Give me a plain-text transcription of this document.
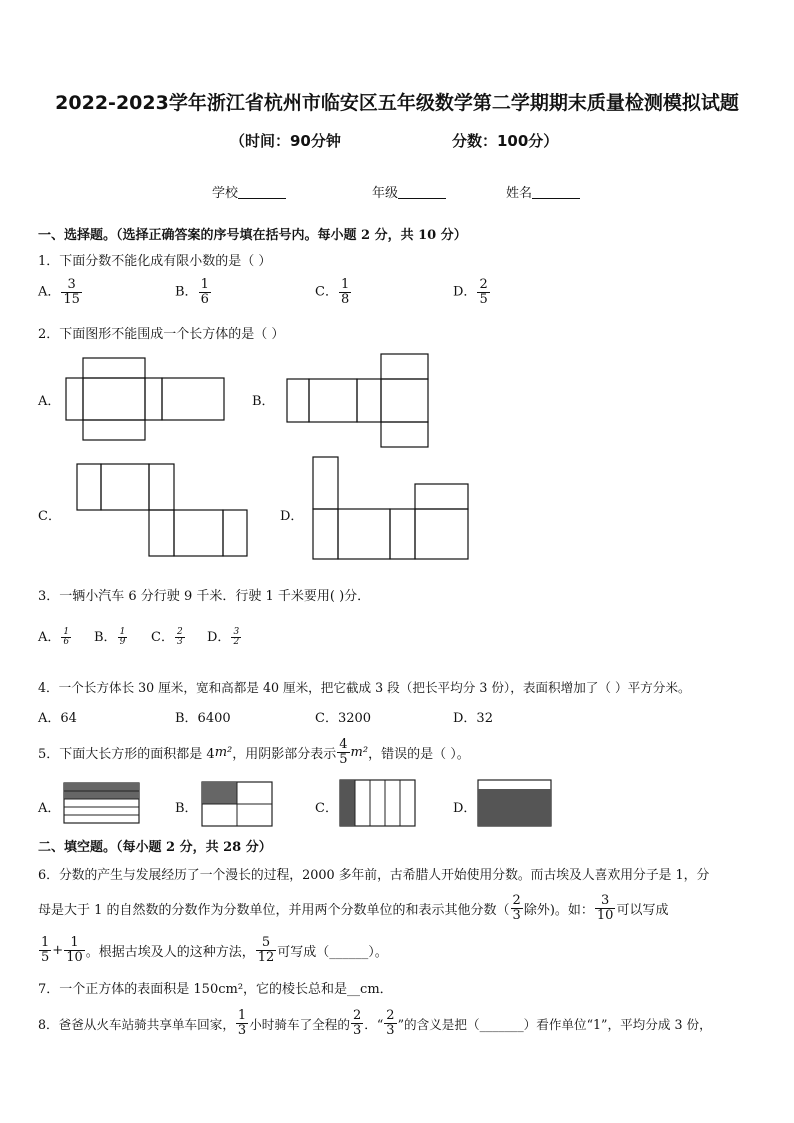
2022-2023学年浙江省杭州市临安区五年级数学第二学期期末质量检测模拟试题
（时间：90分钟	分数：100分）
学校	年级	姓名
一、选择题。（选择正确答案的序号填在括号内。每小题 2 分，共 10 分）
1．下面分数不能化成有限小数的是（ ）
A． $\frac{3}{15}$	B． $\frac{1}{6}$	C． $\frac{1}{8}$	D． $\frac{2}{5}$
2．下面图形不能围成一个长方体的是（ ）
A．	B．
C．	D．
3．一辆小汽车 6 分行驶 9 千米．行驶 1 千米要用( )分．
A． $\frac{1}{6}$ B． $\frac{1}{9}$ C． $\frac{2}{3}$ D． $\frac{3}{2}$
4．一个长方体长 30 厘米，宽和高都是 40 厘米，把它截成 3 段（把长平均分 3 份），表面积增加了（ ）平方分米。
A．64	B．6400	C．3200	D．32
5．下面大长方形的面积都是 4 m² ，用阴影部分表示 $\frac{4}{5} m^2$ ，错误的是（ ）。
A．	B．	C．	D．
二、填空题。（每小题 2 分，共 28 分）
6．分数的产生与发展经历了一个漫长的过程，2000 多年前，古希腊人开始使用分数。而古埃及人喜欢用分子是 1，分
母是大于 1 的自然数的分数作为分数单位，并用两个分数单位的和表示其他分数（ $\frac{2}{3}$ 除外)。如： $\frac{3}{10}$ 可以写成
$\frac{1}{5} + \frac{1}{10}$ 。根据古埃及人的这种方法， $\frac{5}{12}$ 可写成（______）。
7．一个正方体的表面积是 150cm²，它的棱长总和是__cm．
8．爸爸从火车站骑共享单车回家， $\frac{1}{3}$ 小时骑车了全程的 $\frac{2}{3}$ ．“ $\frac{2}{3}$ ”的含义是把（_______）看作单位“1”，平均分成 3 份，
